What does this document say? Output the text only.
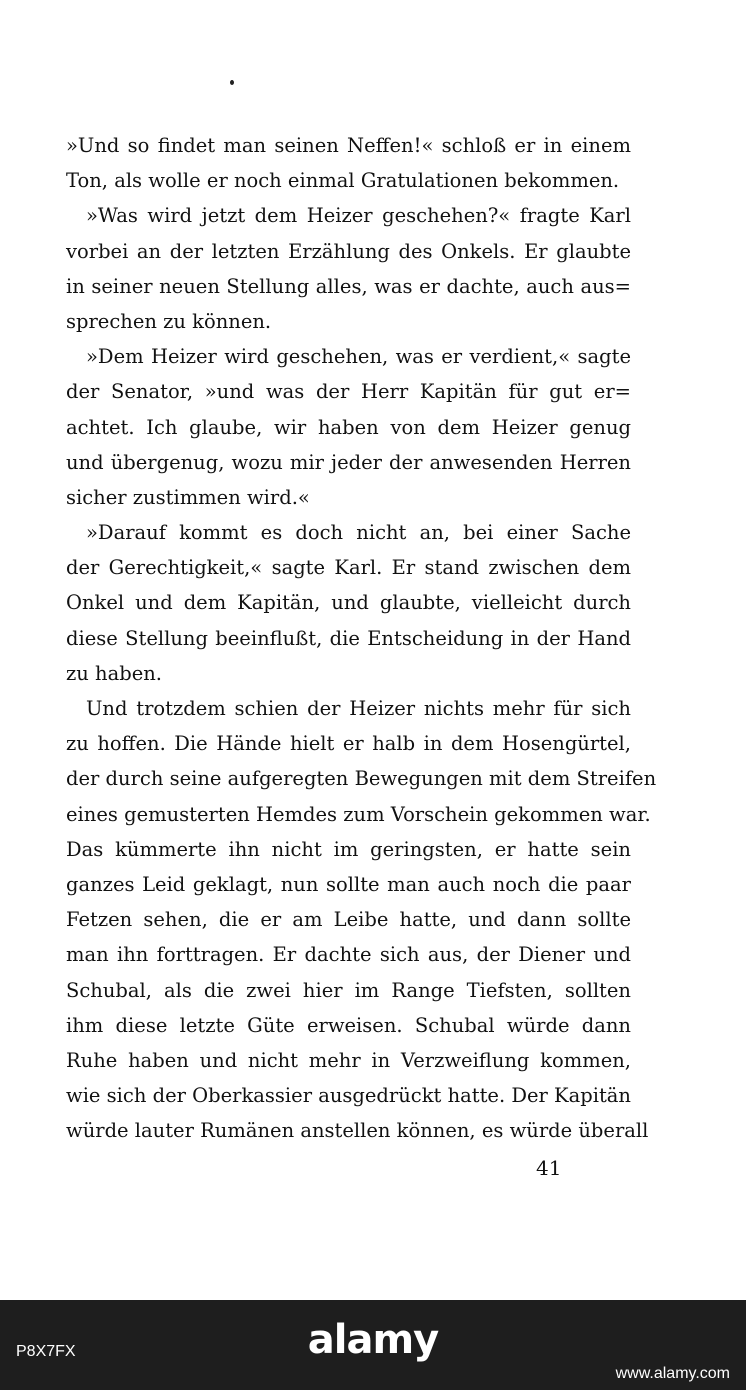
»Und so findet man seinen Neffen!« schloß er in einem
Ton, als wolle er noch einmal Gratulationen bekommen.
»Was wird jetzt dem Heizer geschehen?« fragte Karl
vorbei an der letzten Erzählung des Onkels. Er glaubte
in seiner neuen Stellung alles, was er dachte, auch aus=
sprechen zu können.
»Dem Heizer wird geschehen, was er verdient,« sagte
der Senator, »und was der Herr Kapitän für gut er=
achtet. Ich glaube, wir haben von dem Heizer genug
und übergenug, wozu mir jeder der anwesenden Herren
sicher zustimmen wird.«
»Darauf kommt es doch nicht an, bei einer Sache
der Gerechtigkeit,« sagte Karl. Er stand zwischen dem
Onkel und dem Kapitän, und glaubte, vielleicht durch
diese Stellung beeinflußt, die Entscheidung in der Hand
zu haben.
Und trotzdem schien der Heizer nichts mehr für sich
zu hoffen. Die Hände hielt er halb in dem Hosengürtel,
der durch seine aufgeregten Bewegungen mit dem Streifen
eines gemusterten Hemdes zum Vorschein gekommen war.
Das kümmerte ihn nicht im geringsten, er hatte sein
ganzes Leid geklagt, nun sollte man auch noch die paar
Fetzen sehen, die er am Leibe hatte, und dann sollte
man ihn forttragen. Er dachte sich aus, der Diener und
Schubal, als die zwei hier im Range Tiefsten, sollten
ihm diese letzte Güte erweisen. Schubal würde dann
Ruhe haben und nicht mehr in Verzweiflung kommen,
wie sich der Oberkassier ausgedrückt hatte. Der Kapitän
würde lauter Rumänen anstellen können, es würde überall
41
alamy
P8X7FX
www.alamy.com
